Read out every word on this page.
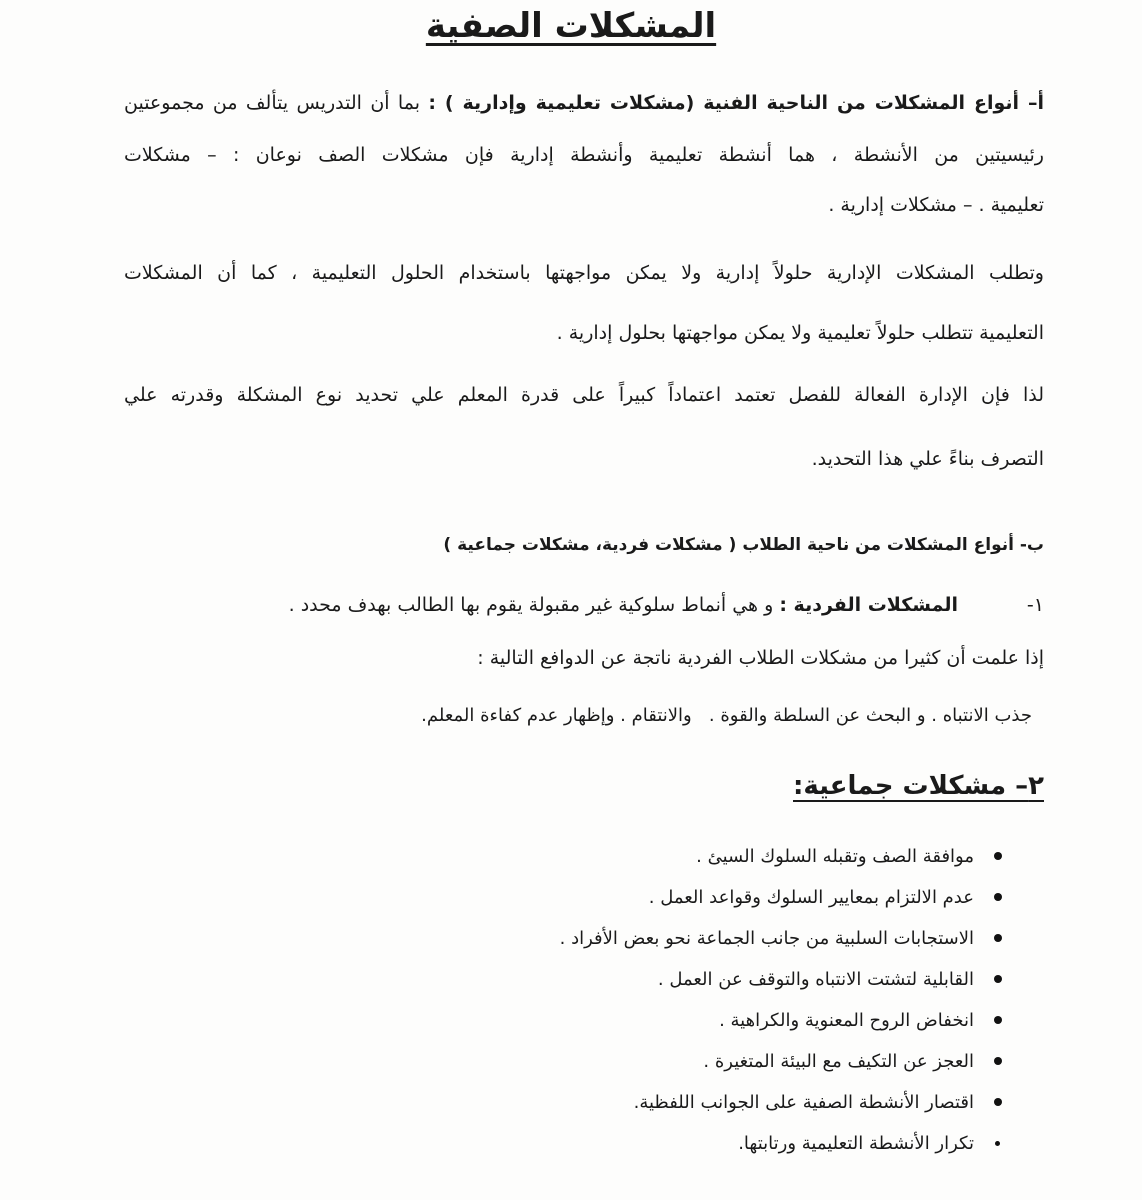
المشكلات الصفية
أ– أنواع المشكلات من الناحية الفنية (مشكلات تعليمية وإدارية ) : بما أن التدريس يتألف من مجموعتين
رئيسيتين من الأنشطة ، هما أنشطة تعليمية وأنشطة إدارية فإن مشكلات الصف نوعان : – مشكلات
تعليمية . – مشكلات إدارية .
وتطلب المشكلات الإدارية حلولاً إدارية ولا يمكن مواجهتها باستخدام الحلول التعليمية ، كما أن المشكلات
التعليمية تتطلب حلولاً تعليمية ولا يمكن مواجهتها بحلول إدارية .
لذا فإن الإدارة الفعالة للفصل تعتمد اعتماداً كبيراً على قدرة المعلم علي تحديد نوع المشكلة وقدرته علي
التصرف بناءً علي هذا التحديد.
ب- أنواع المشكلات من ناحية الطلاب ( مشكلات فردية، مشكلات جماعية )
١-
المشكلات الفردية : و هي أنماط سلوكية غير مقبولة يقوم بها الطالب بهدف محدد .
إذا علمت أن كثيرا من مشكلات الطلاب الفردية ناتجة عن الدوافع التالية :
جذب الانتباه . و البحث عن السلطة والقوة .   والانتقام . وإظهار عدم كفاءة المعلم.
٢– مشكلات جماعية:
موافقة الصف وتقبله السلوك السيئ .
عدم الالتزام بمعايير السلوك وقواعد العمل .
الاستجابات السلبية من جانب الجماعة نحو بعض الأفراد .
القابلية لتشتت الانتباه والتوقف عن العمل .
انخفاض الروح المعنوية والكراهية .
العجز عن التكيف مع البيئة المتغيرة .
اقتصار الأنشطة الصفية على الجوانب اللفظية.
تكرار الأنشطة التعليمية ورتابتها.
